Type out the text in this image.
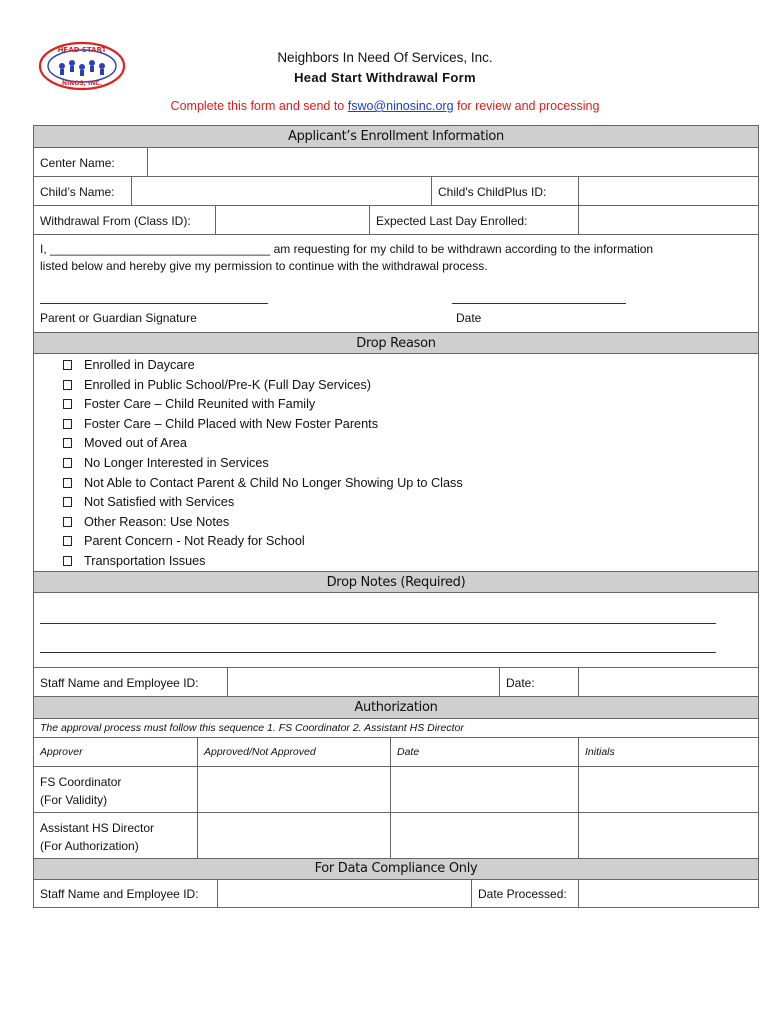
HEAD START
NINOS, INC.
Neighbors In Need Of Services, Inc.
Head Start Withdrawal Form
Complete this form and send to fswo@ninosinc.org for review and processing
Applicant’s Enrollment Information
Center Name:
Child’s Name:	Child's ChildPlus ID:
Withdrawal From (Class ID):	Expected Last Day Enrolled:
I, _________________________________ am requesting for my child to be withdrawn according to the information
listed below and hereby give my permission to continue with the withdrawal process.
Parent or Guardian Signature	Date
Drop Reason
Enrolled in Daycare
Enrolled in Public School/Pre-K (Full Day Services)
Foster Care – Child Reunited with Family
Foster Care – Child Placed with New Foster Parents
Moved out of Area
No Longer Interested in Services
Not Able to Contact Parent & Child No Longer Showing Up to Class
Not Satisfied with Services
Other Reason: Use Notes
Parent Concern - Not Ready for School
Transportation Issues
Drop Notes (Required)
Staff Name and Employee ID:	Date:
Authorization
The approval process must follow this sequence 1. FS Coordinator 2. Assistant HS Director
Approver	Approved/Not Approved	Date	Initials
FS Coordinator
(For Validity)
Assistant HS Director
(For Authorization)
For Data Compliance Only
Staff Name and Employee ID:	Date Processed:
